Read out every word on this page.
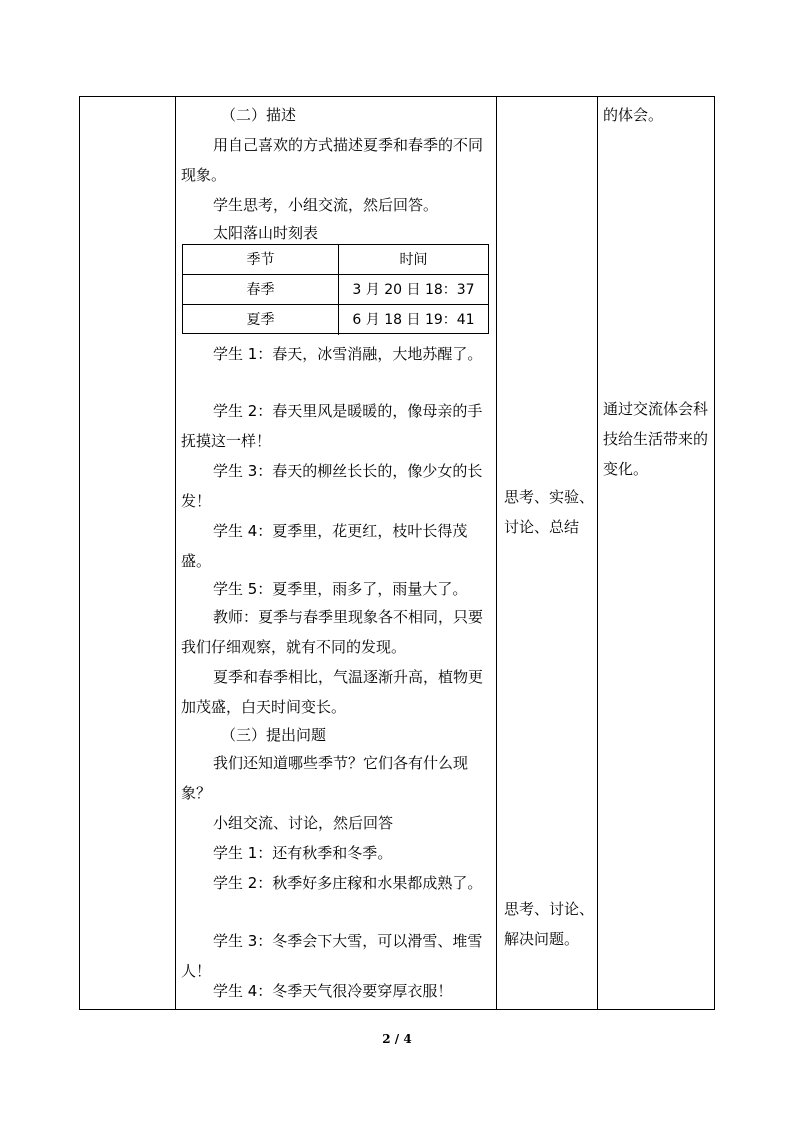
（二）描述

用自己喜欢的方式描述夏季和春季的不同现象。

学生思考，小组交流，然后回答。

太阳落山时刻表

季节	时间
春季	3 月 20 日 18：37
夏季	6 月 18 日 19：41

学生 1：春天，冰雪消融，大地苏醒了。

学生 2：春天里风是暖暖的，像母亲的手抚摸这一样！

学生 3：春天的柳丝长长的，像少女的长发！

学生 4：夏季里，花更红，枝叶长得茂盛。

学生 5：夏季里，雨多了，雨量大了。

教师：夏季与春季里现象各不相同，只要我们仔细观察，就有不同的发现。

夏季和春季相比，气温逐渐升高，植物更加茂盛，白天时间变长。

（三）提出问题

我们还知道哪些季节？它们各有什么现象？

小组交流、讨论，然后回答

学生 1：还有秋季和冬季。

学生 2：秋季好多庄稼和水果都成熟了。

学生 3：冬季会下大雪，可以滑雪、堆雪人！

学生 4：冬季天气很冷要穿厚衣服！

思考、实验、讨论、总结

思考、讨论、解决问题。

的体会。

通过交流体会科技给生活带来的变化。

2 / 4
